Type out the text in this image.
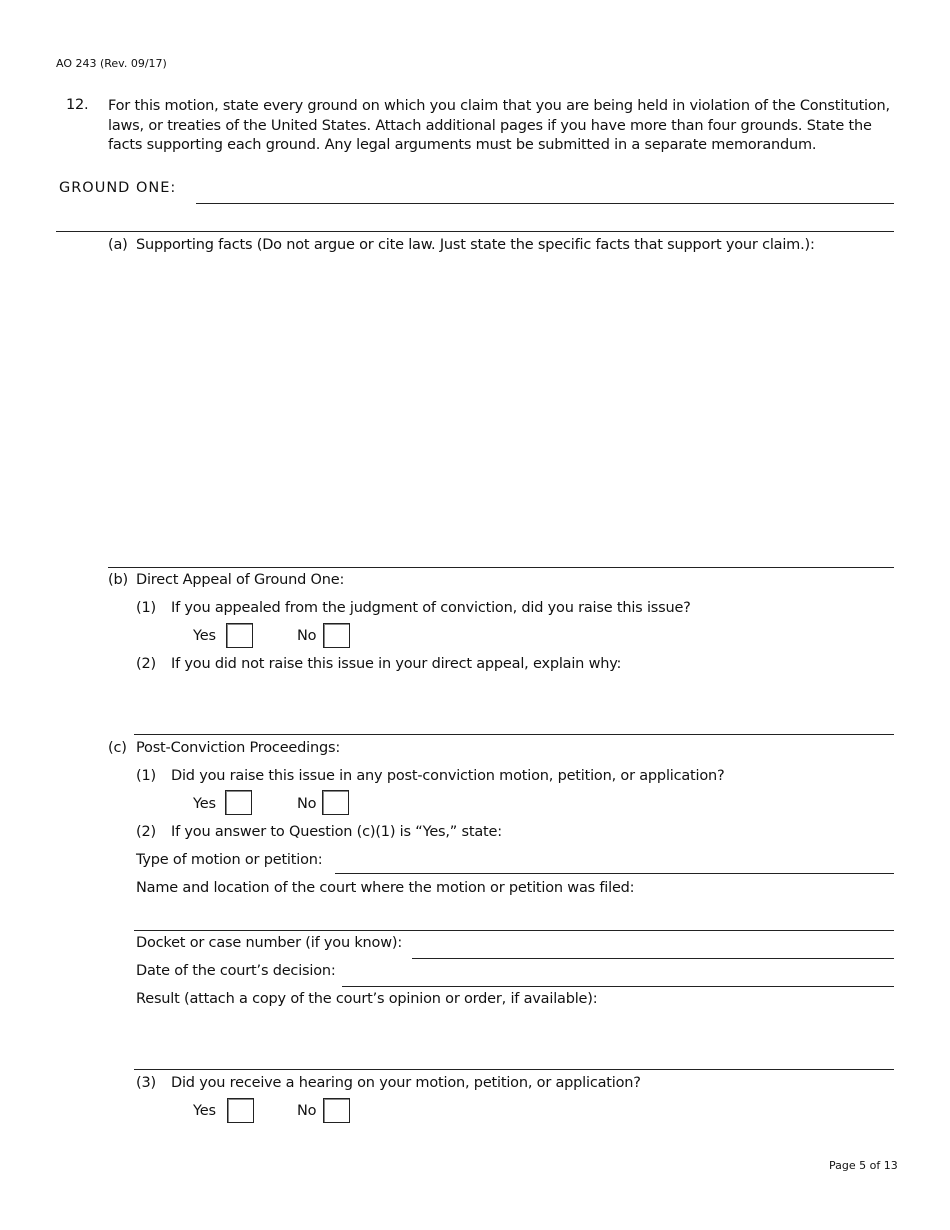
AO 243 (Rev. 09/17)
12. For this motion, state every ground on which you claim that you are being held in violation of the Constitution, laws, or treaties of the United States. Attach additional pages if you have more than four grounds. State the facts supporting each ground. Any legal arguments must be submitted in a separate memorandum.
GROUND ONE:
(a) Supporting facts (Do not argue or cite law. Just state the specific facts that support your claim.):
(b) Direct Appeal of Ground One:
(1) If you appealed from the judgment of conviction, did you raise this issue?
Yes	No
(2) If you did not raise this issue in your direct appeal, explain why:
(c) Post-Conviction Proceedings:
(1) Did you raise this issue in any post-conviction motion, petition, or application?
Yes	No
(2) If you answer to Question (c)(1) is “Yes,” state:
Type of motion or petition:
Name and location of the court where the motion or petition was filed:
Docket or case number (if you know):
Date of the court’s decision:
Result (attach a copy of the court’s opinion or order, if available):
(3) Did you receive a hearing on your motion, petition, or application?
Yes	No
Page 5 of 13
